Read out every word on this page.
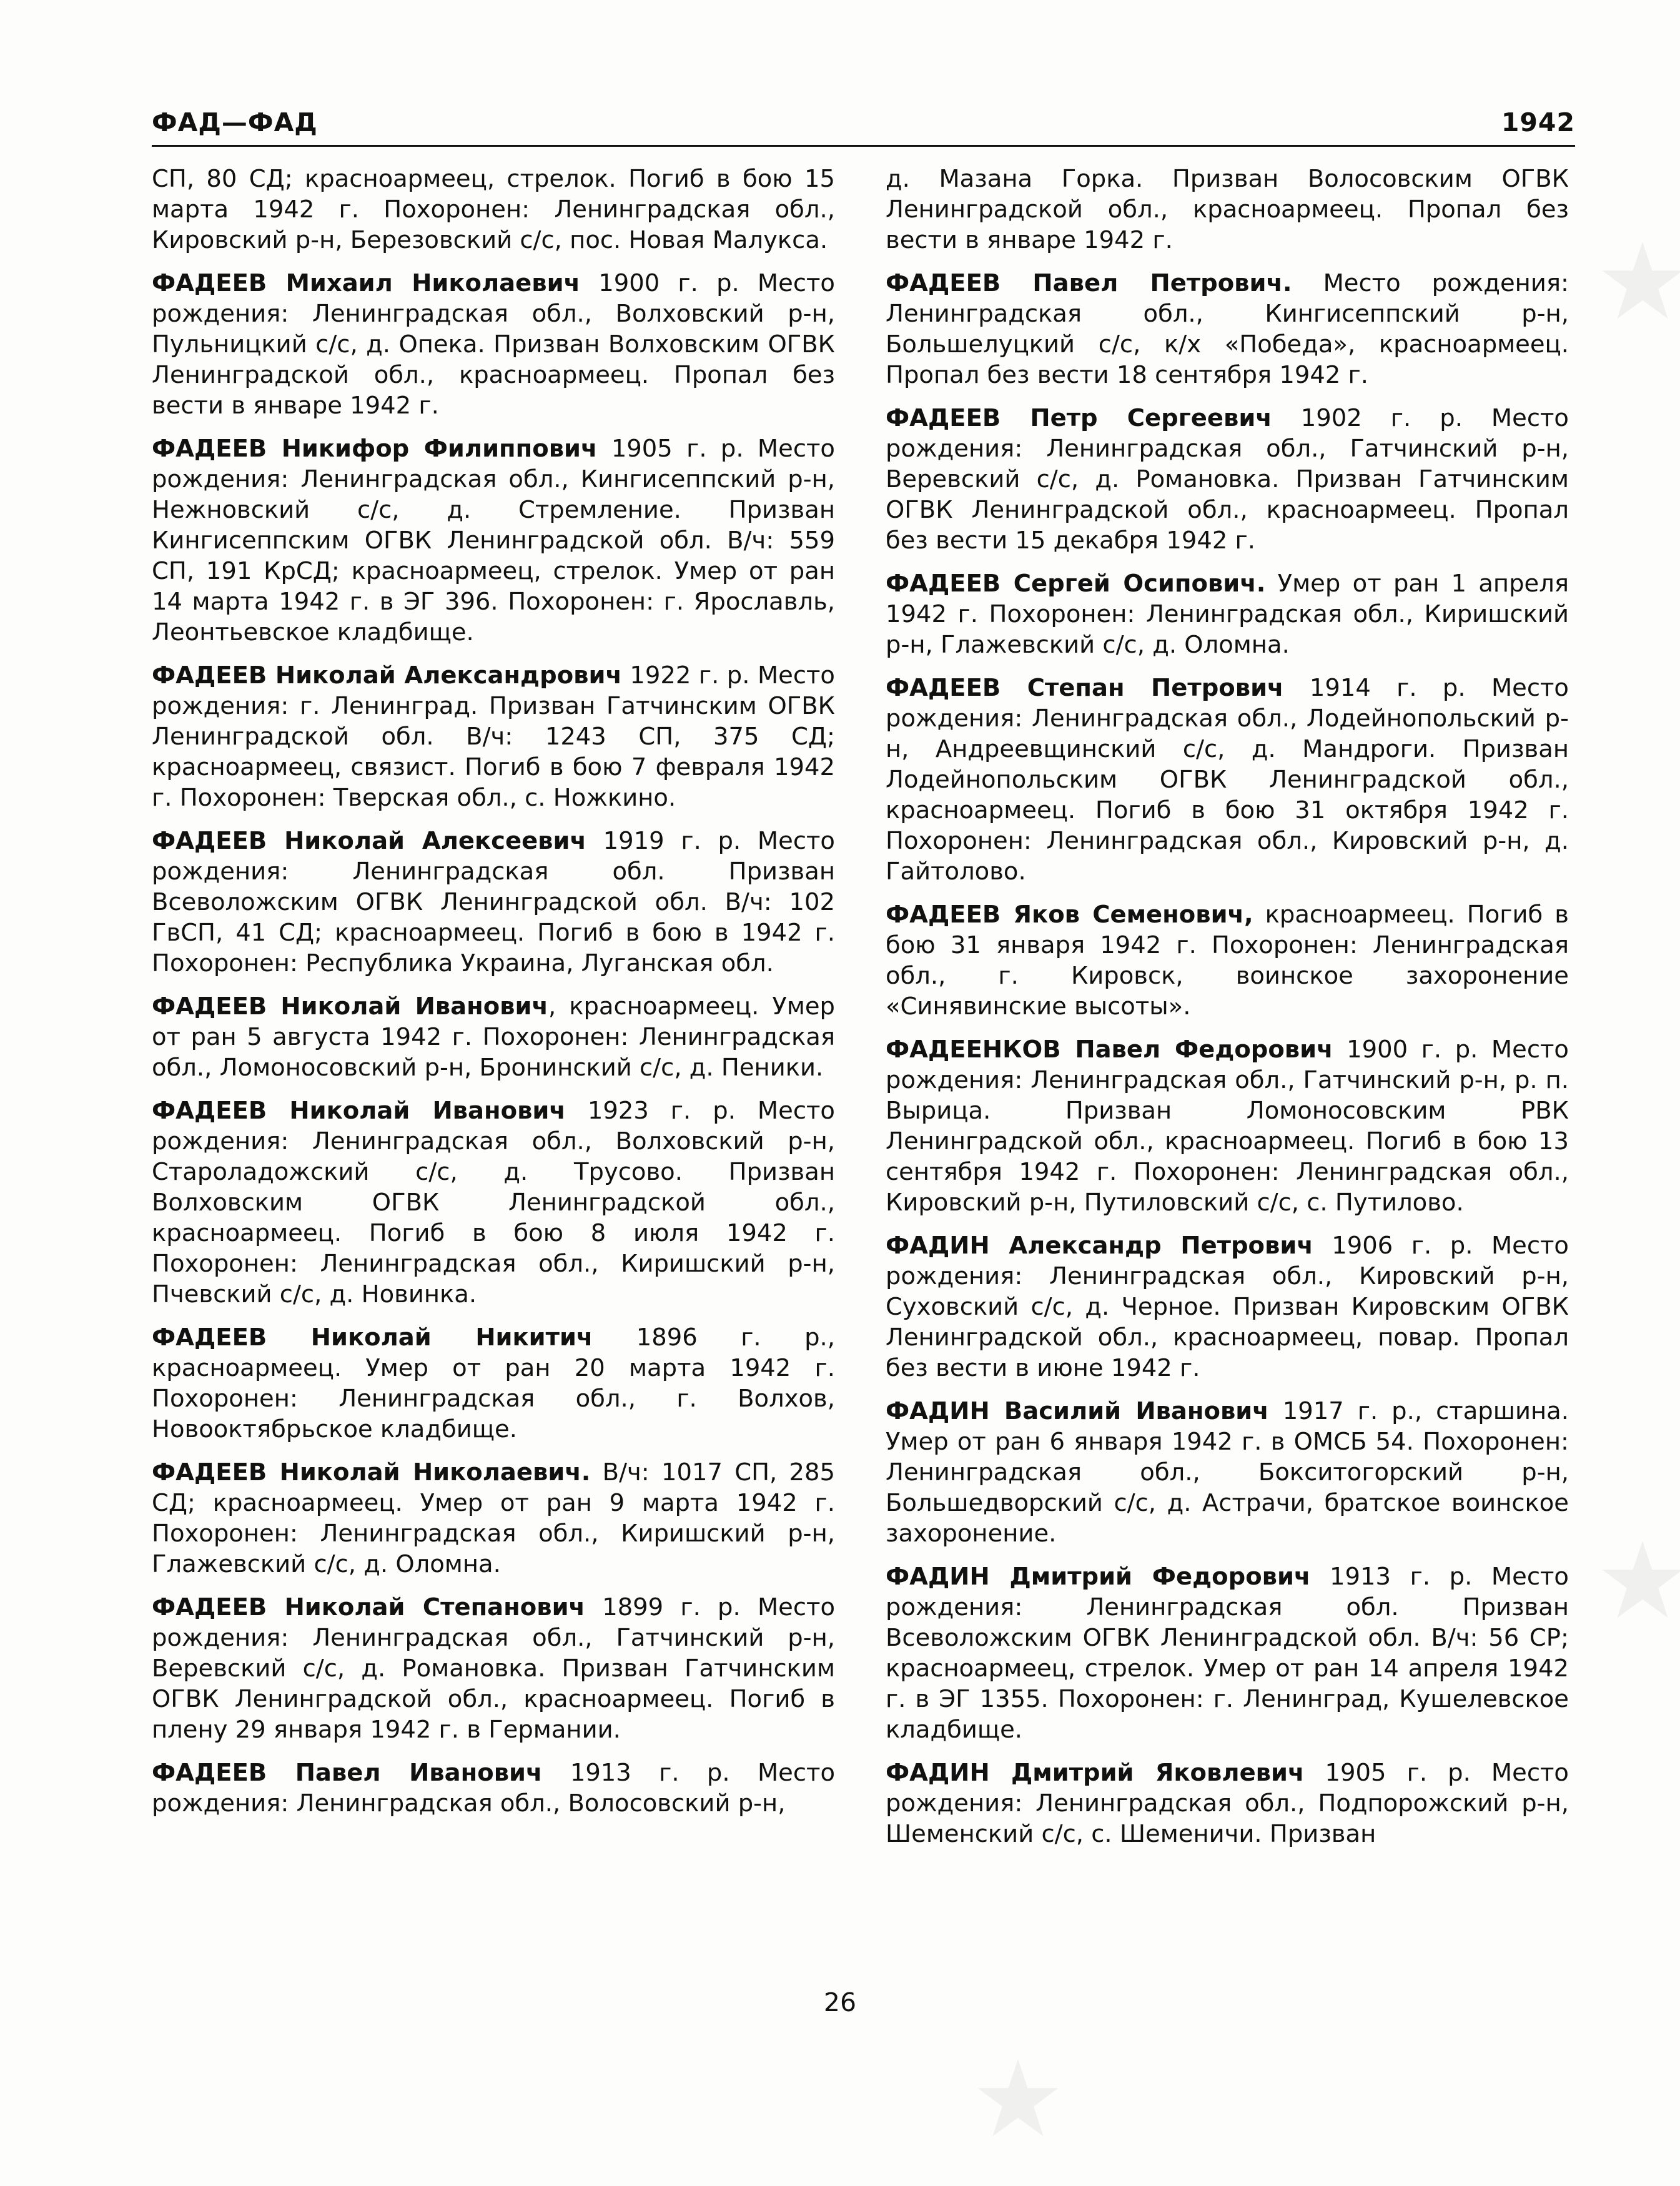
ФАД—ФАД	1942

СП, 80 СД; красноармеец, стрелок. Погиб в бою 15 марта 1942 г. Похоронен: Ленинградская обл., Кировский р-н, Березовский с/с, пос. Новая Малукса.

ФАДЕЕВ Михаил Николаевич 1900 г. р. Место рождения: Ленинградская обл., Волховский р-н, Пульницкий с/с, д. Опека. Призван Волховским ОГВК Ленинградской обл., красноармеец. Пропал без вести в январе 1942 г.

ФАДЕЕВ Никифор Филиппович 1905 г. р. Место рождения: Ленинградская обл., Кингисеппский р-н, Нежновский с/с, д. Стремление. Призван Кингисеппским ОГВК Ленинградской обл. В/ч: 559 СП, 191 КрСД; красноармеец, стрелок. Умер от ран 14 марта 1942 г. в ЭГ 396. Похоронен: г. Ярославль, Леонтьевское кладбище.

ФАДЕЕВ Николай Александрович 1922 г. р. Место рождения: г. Ленинград. Призван Гатчинским ОГВК Ленинградской обл. В/ч: 1243 СП, 375 СД; красноармеец, связист. Погиб в бою 7 февраля 1942 г. Похоронен: Тверская обл., с. Ножкино.

ФАДЕЕВ Николай Алексеевич 1919 г. р. Место рождения: Ленинградская обл. Призван Всеволожским ОГВК Ленинградской обл. В/ч: 102 ГвСП, 41 СД; красноармеец. Погиб в бою в 1942 г. Похоронен: Республика Украина, Луганская обл.

ФАДЕЕВ Николай Иванович, красноармеец. Умер от ран 5 августа 1942 г. Похоронен: Ленинградская обл., Ломоносовский р-н, Бронинский с/с, д. Пеники.

ФАДЕЕВ Николай Иванович 1923 г. р. Место рождения: Ленинградская обл., Волховский р-н, Староладожский с/с, д. Трусово. Призван Волховским ОГВК Ленинградской обл., красноармеец. Погиб в бою 8 июля 1942 г. Похоронен: Ленинградская обл., Киришский р-н, Пчевский с/с, д. Новинка.

ФАДЕЕВ Николай Никитич 1896 г. р., красноармеец. Умер от ран 20 марта 1942 г. Похоронен: Ленинградская обл., г. Волхов, Новооктябрьское кладбище.

ФАДЕЕВ Николай Николаевич. В/ч: 1017 СП, 285 СД; красноармеец. Умер от ран 9 марта 1942 г. Похоронен: Ленинградская обл., Киришский р-н, Глажевский с/с, д. Оломна.

ФАДЕЕВ Николай Степанович 1899 г. р. Место рождения: Ленинградская обл., Гатчинский р-н, Веревский с/с, д. Романовка. Призван Гатчинским ОГВК Ленинградской обл., красноармеец. Погиб в плену 29 января 1942 г. в Германии.

ФАДЕЕВ Павел Иванович 1913 г. р. Место рождения: Ленинградская обл., Волосовский р-н,

д. Мазана Горка. Призван Волосовским ОГВК Ленинградской обл., красноармеец. Пропал без вести в январе 1942 г.

ФАДЕЕВ Павел Петрович. Место рождения: Ленинградская обл., Кингисеппский р-н, Большелуцкий с/с, к/х «Победа», красноармеец. Пропал без вести 18 сентября 1942 г.

ФАДЕЕВ Петр Сергеевич 1902 г. р. Место рождения: Ленинградская обл., Гатчинский р-н, Веревский с/с, д. Романовка. Призван Гатчинским ОГВК Ленинградской обл., красноармеец. Пропал без вести 15 декабря 1942 г.

ФАДЕЕВ Сергей Осипович. Умер от ран 1 апреля 1942 г. Похоронен: Ленинградская обл., Киришский р-н, Глажевский с/с, д. Оломна.

ФАДЕЕВ Степан Петрович 1914 г. р. Место рождения: Ленинградская обл., Лодейнопольский р-н, Андреевщинский с/с, д. Мандроги. Призван Лодейнопольским ОГВК Ленинградской обл., красноармеец. Погиб в бою 31 октября 1942 г. Похоронен: Ленинградская обл., Кировский р-н, д. Гайтолово.

ФАДЕЕВ Яков Семенович, красноармеец. Погиб в бою 31 января 1942 г. Похоронен: Ленинградская обл., г. Кировск, воинское захоронение «Синявинские высоты».

ФАДЕЕНКОВ Павел Федорович 1900 г. р. Место рождения: Ленинградская обл., Гатчинский р-н, р. п. Вырица. Призван Ломоносовским РВК Ленинградской обл., красноармеец. Погиб в бою 13 сентября 1942 г. Похоронен: Ленинградская обл., Кировский р-н, Путиловский с/с, с. Путилово.

ФАДИН Александр Петрович 1906 г. р. Место рождения: Ленинградская обл., Кировский р-н, Суховский с/с, д. Черное. Призван Кировским ОГВК Ленинградской обл., красноармеец, повар. Пропал без вести в июне 1942 г.

ФАДИН Василий Иванович 1917 г. р., старшина. Умер от ран 6 января 1942 г. в ОМСБ 54. Похоронен: Ленинградская обл., Бокситогорский р-н, Большедворский с/с, д. Астрачи, братское воинское захоронение.

ФАДИН Дмитрий Федорович 1913 г. р. Место рождения: Ленинградская обл. Призван Всеволожским ОГВК Ленинградской обл. В/ч: 56 СР; красноармеец, стрелок. Умер от ран 14 апреля 1942 г. в ЭГ 1355. Похоронен: г. Ленинград, Кушелевское кладбище.

ФАДИН Дмитрий Яковлевич 1905 г. р. Место рождения: Ленинградская обл., Подпорожский р-н, Шеменский с/с, с. Шеменичи. Призван

26
